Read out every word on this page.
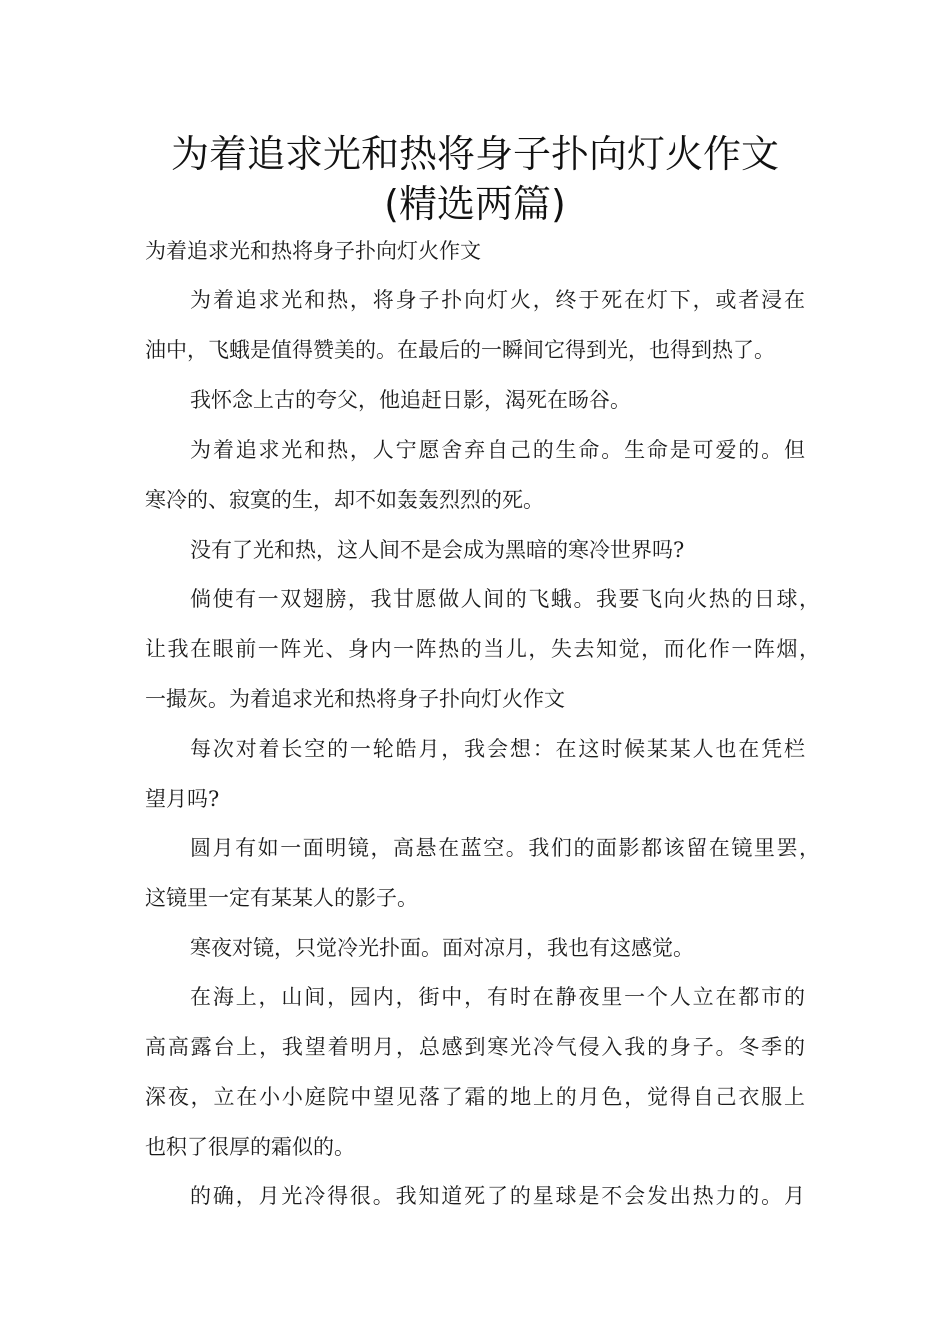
为着追求光和热将身子扑向灯火作文
(精选两篇)

为着追求光和热将身子扑向灯火作文

为着追求光和热，将身子扑向灯火，终于死在灯下，或者浸在

油中，飞蛾是值得赞美的。在最后的一瞬间它得到光，也得到热了。

我怀念上古的夸父，他追赶日影，渴死在旸谷。

为着追求光和热，人宁愿舍弃自己的生命。生命是可爱的。但

寒冷的、寂寞的生，却不如轰轰烈烈的死。

没有了光和热，这人间不是会成为黑暗的寒冷世界吗?

倘使有一双翅膀，我甘愿做人间的飞蛾。我要飞向火热的日球，

让我在眼前一阵光、身内一阵热的当儿，失去知觉，而化作一阵烟，

一撮灰。为着追求光和热将身子扑向灯火作文

每次对着长空的一轮皓月，我会想：在这时候某某人也在凭栏

望月吗?

圆月有如一面明镜，高悬在蓝空。我们的面影都该留在镜里罢，

这镜里一定有某某人的影子。

寒夜对镜，只觉冷光扑面。面对凉月，我也有这感觉。

在海上，山间，园内，街中，有时在静夜里一个人立在都市的

高高露台上，我望着明月，总感到寒光冷气侵入我的身子。冬季的

深夜，立在小小庭院中望见落了霜的地上的月色，觉得自己衣服上

也积了很厚的霜似的。

的确，月光冷得很。我知道死了的星球是不会发出热力的。月
